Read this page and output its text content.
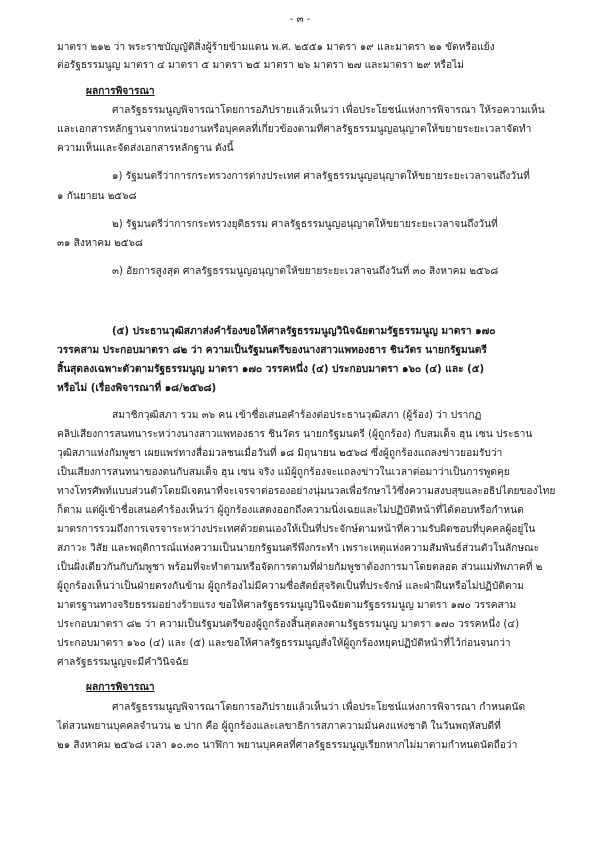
- ๓ -
มาตรา ๒๑๒ ว่า พระราชบัญญัติสิ่งผู้ร้ายข้ามแดน พ.ศ. ๒๕๕๑ มาตรา ๑๙ และมาตรา ๒๑ ขัดหรือแย้ง
ต่อรัฐธรรมนูญ มาตรา ๔ มาตรา ๕ มาตรา ๒๕ มาตรา ๒๖ มาตรา ๒๗ และมาตรา ๒๙ หรือไม่
ผลการพิจารณา
ศาลรัฐธรรมนูญพิจารณาโดยการอภิปรายแล้วเห็นว่า เพื่อประโยชน์แห่งการพิจารณา ให้รอความเห็น
และเอกสารหลักฐานจากหน่วยงานหรือบุคคลที่เกี่ยวข้องตามที่ศาลรัฐธรรมนูญอนุญาตให้ขยายระยะเวลาจัดทำ
ความเห็นและจัดส่งเอกสารหลักฐาน ดังนี้
๑) รัฐมนตรีว่าการกระทรวงการต่างประเทศ ศาลรัฐธรรมนูญอนุญาตให้ขยายระยะเวลาจนถึงวันที่
๑ กันยายน ๒๕๖๘
๒) รัฐมนตรีว่าการกระทรวงยุติธรรม ศาลรัฐธรรมนูญอนุญาตให้ขยายระยะเวลาจนถึงวันที่
๓๑ สิงหาคม ๒๕๖๘
๓) อัยการสูงสุด ศาลรัฐธรรมนูญอนุญาตให้ขยายระยะเวลาจนถึงวันที่ ๓๐ สิงหาคม ๒๕๖๘
(๕) ประธานวุฒิสภาส่งคำร้องขอให้ศาลรัฐธรรมนูญวินิจฉัยตามรัฐธรรมนูญ มาตรา ๑๗๐
วรรคสาม ประกอบมาตรา ๘๒ ว่า ความเป็นรัฐมนตรีของนางสาวแพทองธาร ชินวัตร นายกรัฐมนตรี
สิ้นสุดลงเฉพาะตัวตามรัฐธรรมนูญ มาตรา ๑๗๐ วรรคหนึ่ง (๔) ประกอบมาตรา ๑๖๐ (๔) และ (๕)
หรือไม่ (เรื่องพิจารณาที่ ๑๘/๒๕๖๘)
สมาชิกวุฒิสภา รวม ๓๖ คน เข้าชื่อเสนอคำร้องต่อประธานวุฒิสภา (ผู้ร้อง) ว่า ปรากฏ
คลิปเสียงการสนทนาระหว่างนางสาวแพทองธาร ชินวัตร นายกรัฐมนตรี (ผู้ถูกร้อง) กับสมเด็จ ฮุน เซน ประธาน
วุฒิสภาแห่งกัมพูชา เผยแพร่ทางสื่อมวลชนเมื่อวันที่ ๑๘ มิถุนายน ๒๕๖๘ ซึ่งผู้ถูกร้องแถลงข่าวยอมรับว่า
เป็นเสียงการสนทนาของตนกับสมเด็จ ฮุน เซน จริง แม้ผู้ถูกร้องจะแถลงข่าวในเวลาต่อมาว่าเป็นการพูดคุย
ทางโทรศัพท์แบบส่วนตัวโดยมีเจตนาที่จะเจรจาต่อรองอย่างนุ่มนวลเพื่อรักษาไว้ซึ่งความสงบสุขและอธิปไตยของไทย
ก็ตาม แต่ผู้เข้าชื่อเสนอคำร้องเห็นว่า ผู้ถูกร้องแสดงออกถึงความนิ่งเฉยและไม่ปฏิบัติหน้าที่ได้ตอบหรือกำหนด
มาตรการรวมถึงการเจรจาระหว่างประเทศด้วยตนเองให้เป็นที่ประจักษ์ตามหน้าที่ความรับผิดชอบที่บุคคลผู้อยู่ใน
สภาวะ วิสัย และพฤติการณ์แห่งความเป็นนายกรัฐมนตรีพึงกระทำ เพราะเหตุแห่งความสัมพันธ์ส่วนตัวในลักษณะ
เป็นฝั่งเดียวกันกับกัมพูชา พร้อมที่จะทำตามหรือจัดการตามที่ฝ่ายกัมพูชาต้องการมาโดยตลอด ส่วนแม่ทัพภาคที่ ๒
ผู้ถูกร้องเห็นว่าเป็นฝ่ายตรงกันข้าม ผู้ถูกร้องไม่มีความซื่อสัตย์สุจริตเป็นที่ประจักษ์ และฝ่าฝืนหรือไม่ปฏิบัติตาม
มาตรฐานทางจริยธรรมอย่างร้ายแรง ขอให้ศาลรัฐธรรมนูญวินิจฉัยตามรัฐธรรมนูญ มาตรา ๑๗๐ วรรคสาม
ประกอบมาตรา ๘๒ ว่า ความเป็นรัฐมนตรีของผู้ถูกร้องสิ้นสุดลงตามรัฐธรรมนูญ มาตรา ๑๗๐ วรรคหนึ่ง (๔)
ประกอบมาตรา ๑๖๐ (๔) และ (๕) และขอให้ศาลรัฐธรรมนูญสั่งให้ผู้ถูกร้องหยุดปฏิบัติหน้าที่ไว้ก่อนจนกว่า
ศาลรัฐธรรมนูญจะมีคำวินิจฉัย
ผลการพิจารณา
ศาลรัฐธรรมนูญพิจารณาโดยการอภิปรายแล้วเห็นว่า เพื่อประโยชน์แห่งการพิจารณา กำหนดนัด
ไต่สวนพยานบุคคลจำนวน ๒ ปาก คือ ผู้ถูกร้องและเลขาธิการสภาความมั่นคงแห่งชาติ ในวันพฤหัสบดีที่
๒๑ สิงหาคม ๒๕๖๘ เวลา ๑๐.๓๐ นาฬิกา พยานบุคคลที่ศาลรัฐธรรมนูญเรียกหากไม่มาตามกำหนดนัดถือว่า
